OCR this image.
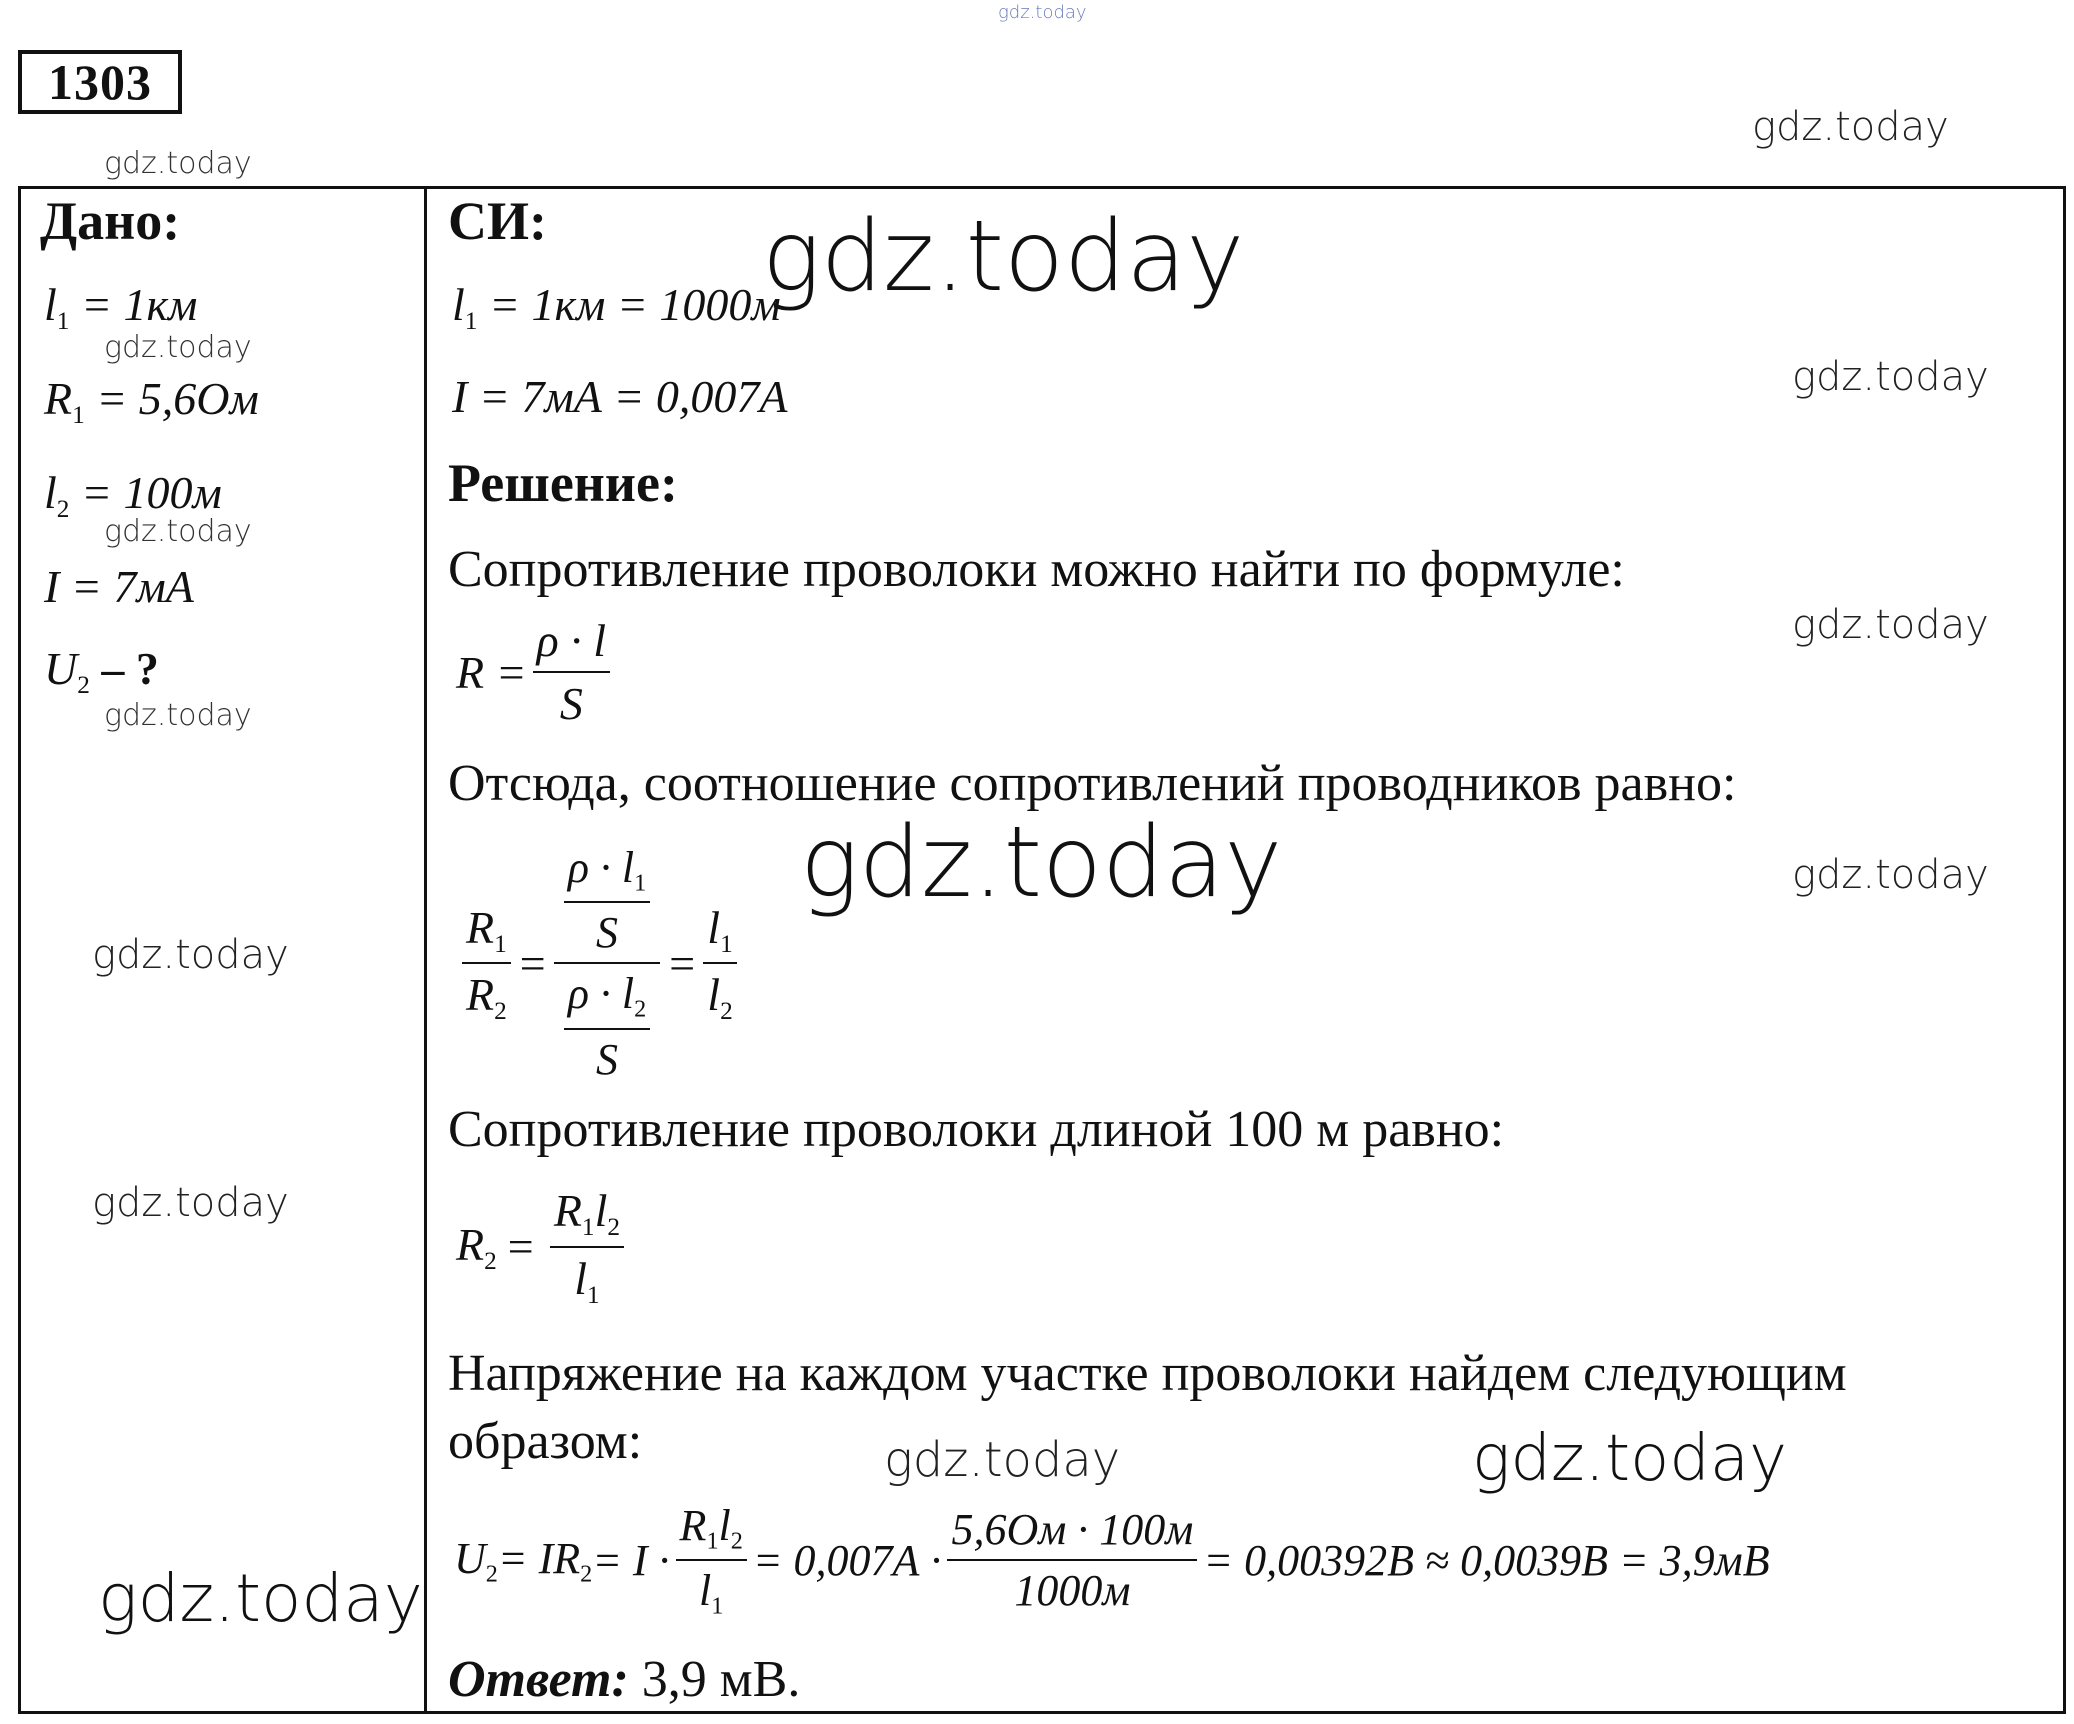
gdz.today
1303
Дано:
$l_1 = 1км$
$R_1 = 5,6Ом$
$l_2 = 100м$
I = 7мА
$U_2$ – ?
СИ:
$l_1 = 1км = 1000м$
I = 7мА = 0,007А
Решение:
Сопротивление проволоки можно найти по формуле:
$R = \frac{\rho \cdot l}{S}$
Отсюда, соотношение сопротивлений проводников равно:
$\frac{R_1}{R_2} = \frac{\frac{\rho \cdot l_1}{S}}{\frac{\rho \cdot l_2}{S}} = \frac{l_1}{l_2}$
Сопротивление проволоки длиной 100 м равно:
$R_2 = \frac{R_1l_2}{l_1}$
Напряжение на каждом участке проволоки найдем следующим
образом:
$U_2 = IR_2 = I \cdot \frac{R_1l_2}{l_1} = 0,007А \cdot \frac{5,6Ом \cdot 100м}{1000м} = 0,00392В \approx 0,0039В = 3,9мВ$
Ответ: 3,9 мВ.
gdz.today
gdz.today
gdz.today
gdz.today
gdz.today
gdz.today
gdz.today
gdz.today
gdz.today	gdz.today
gdz.today
gdz.today
gdz.today	gdz.today
gdz.today
